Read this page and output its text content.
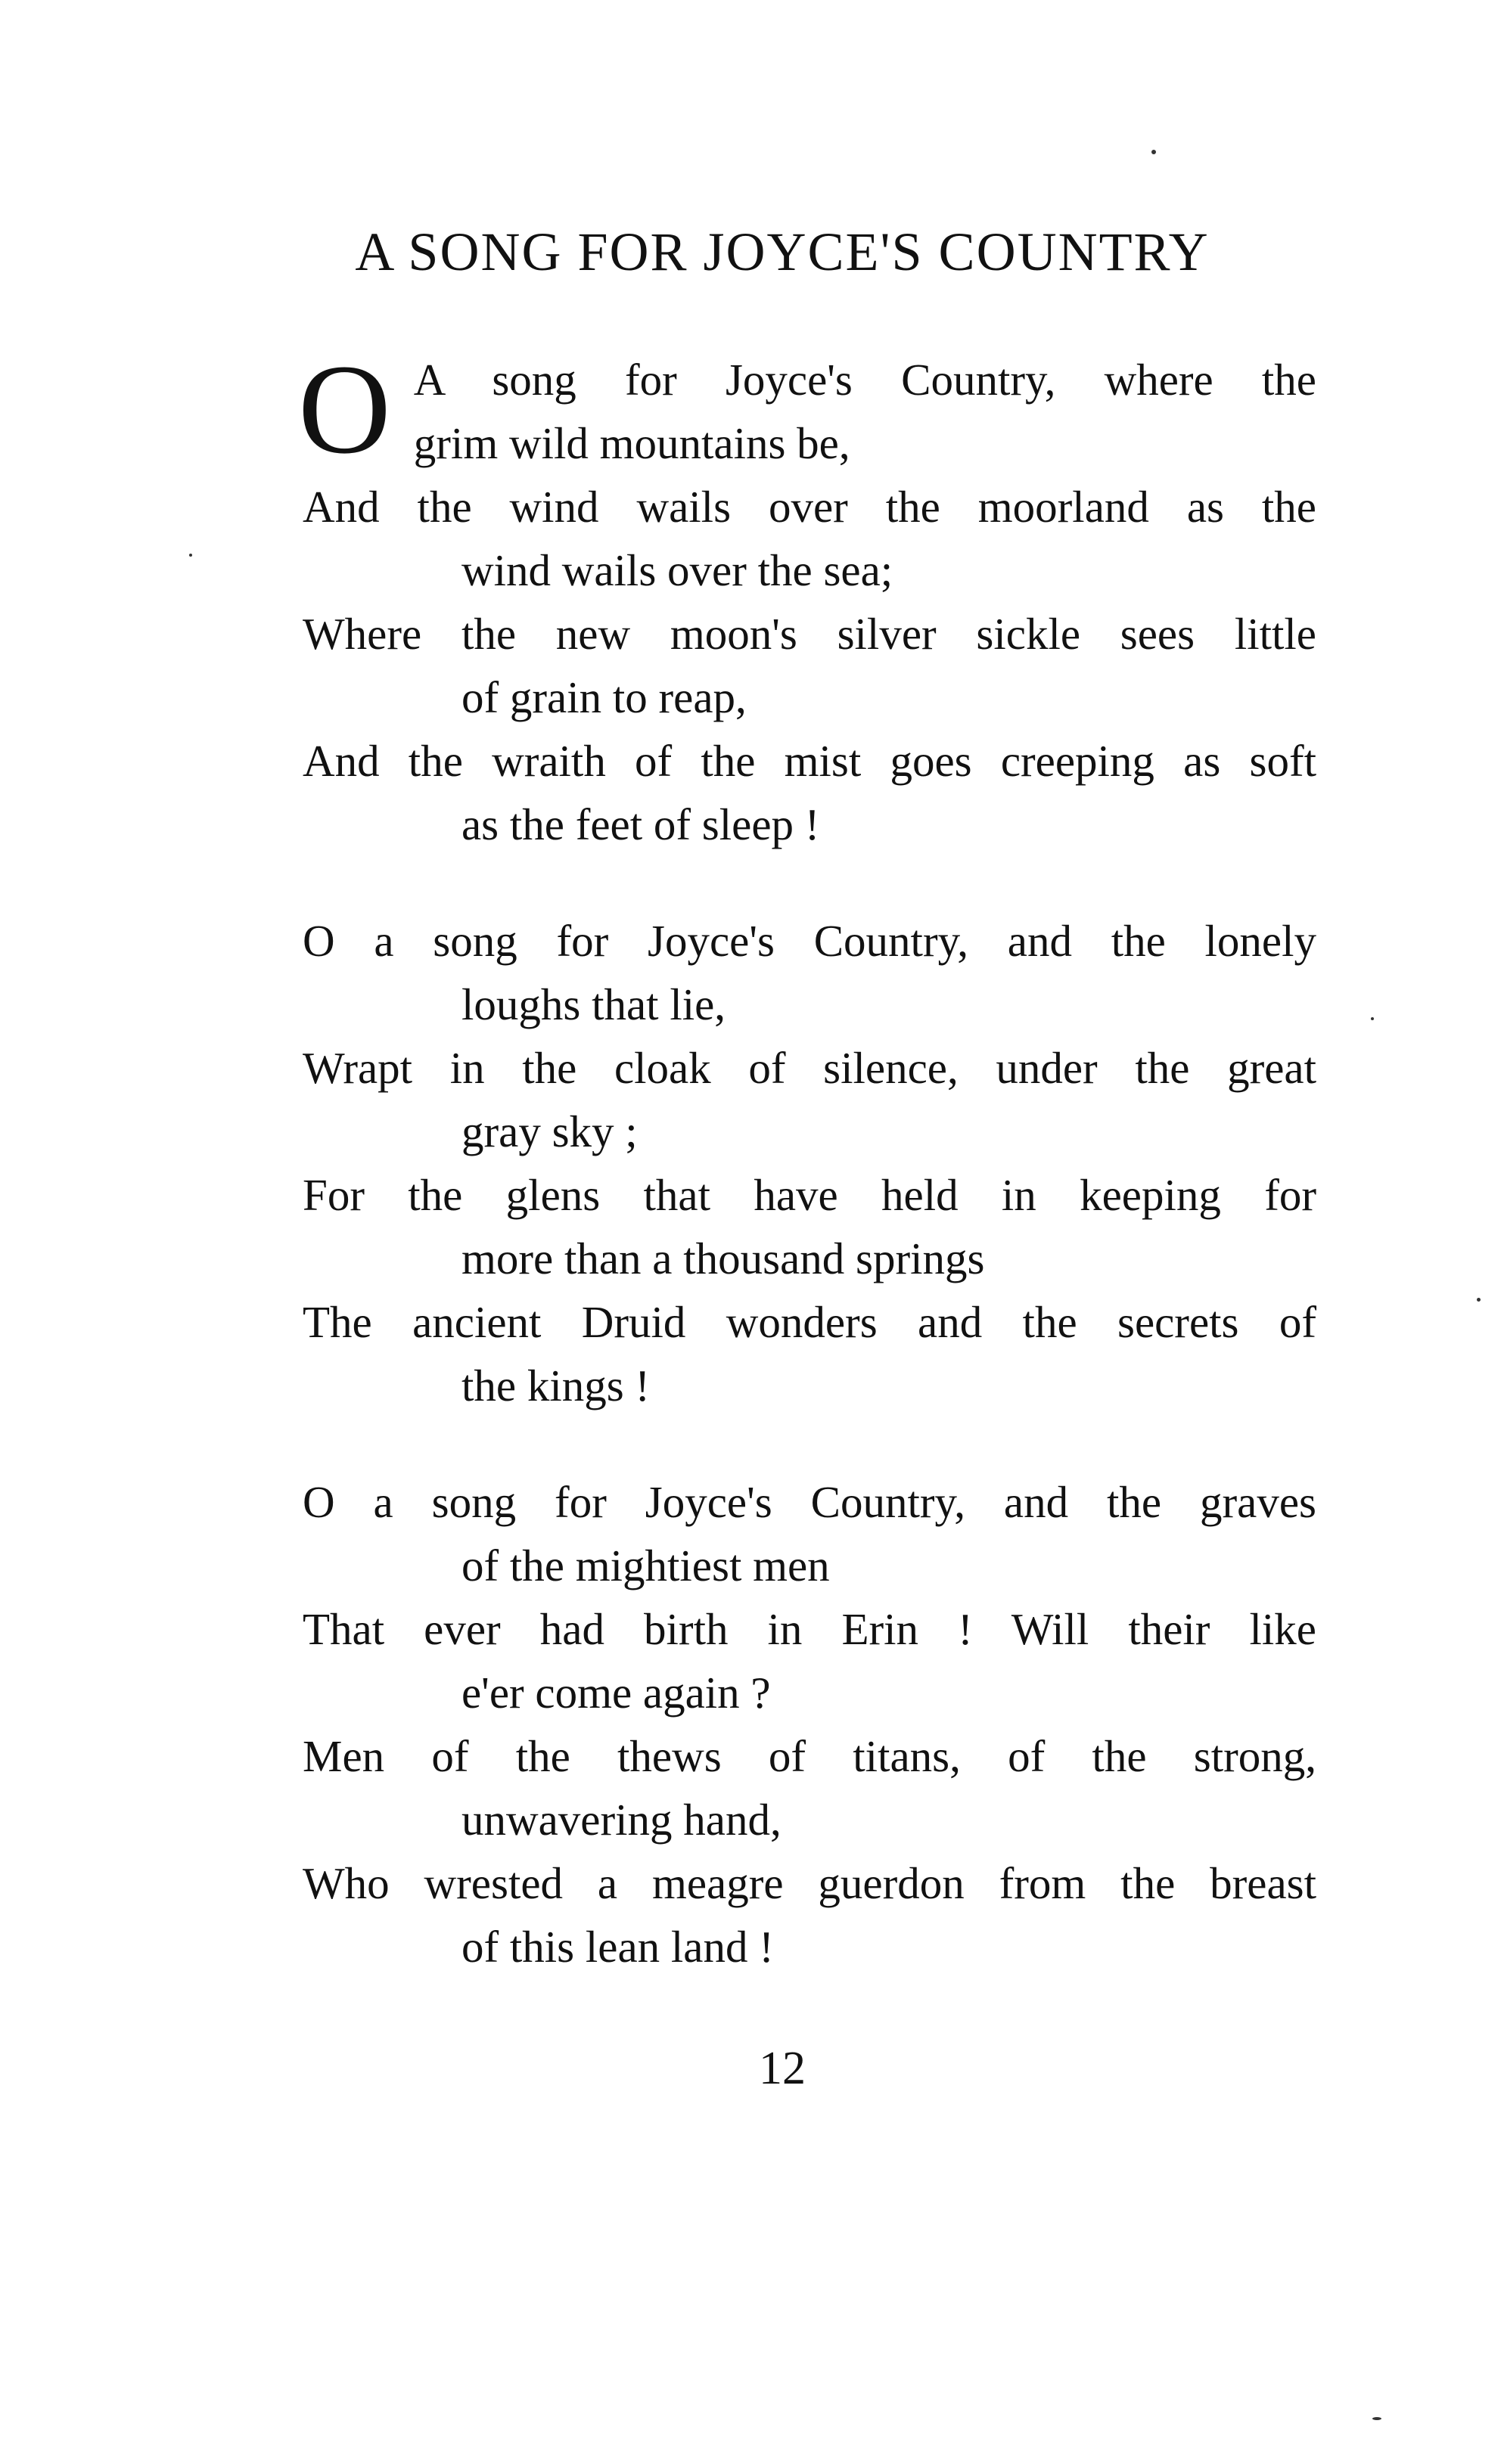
A SONG FOR JOYCE'S COUNTRY
O A song for Joyce's Country, where the

grim wild mountains be,

And the wind wails over the moorland as the

wind wails over the sea;

Where the new moon's silver sickle sees little

of grain to reap,

And the wraith of the mist goes creeping as soft

as the feet of sleep !

O a song for Joyce's Country, and the lonely

loughs that lie,

Wrapt in the cloak of silence, under the great

gray sky ;

For the glens that have held in keeping for

more than a thousand springs

The ancient Druid wonders and the secrets of

the kings !

O a song for Joyce's Country, and the graves

of the mightiest men

That ever had birth in Erin ! Will their like

e'er come again ?

Men of the thews of titans, of the strong,

unwavering hand,

Who wrested a meagre guerdon from the breast

of this lean land !

12
